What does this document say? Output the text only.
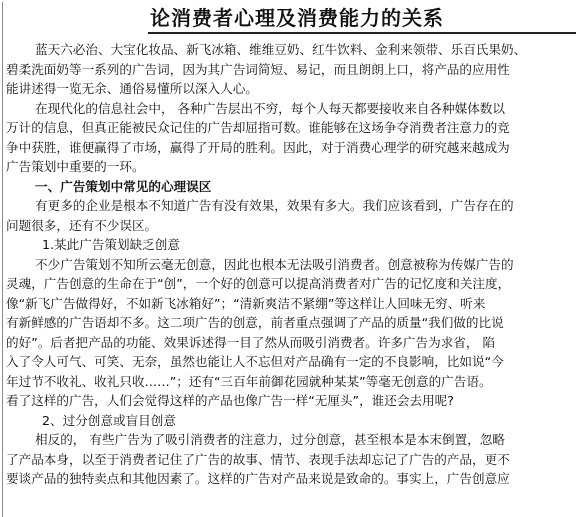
论消费者心理及消费能力的关系
蓝天六必治、大宝化妆品、新飞冰箱、维维豆奶、红牛饮料、金利来领带、乐百氏果奶、
碧柔洗面奶等一系列的广告词，因为其广告词简短、易记，而且朗朗上口，将产品的应用性
能讲述得一览无余、通俗易懂所以深入人心。
在现代化的信息社会中， 各种广告层出不穷，每个人每天都要接收来自各种媒体数以
万计的信息，但真正能被民众记住的广告却屈指可数。谁能够在这场争夺消费者注意力的竞
争中获胜，谁便赢得了市场，赢得了开局的胜利。因此，对于消费心理学的研究越来越成为
广告策划中重要的一环。
一、广告策划中常见的心理误区
有更多的企业是根本不知道广告有没有效果，效果有多大。我们应该看到，广告存在的
问题很多，还有不少误区。
1.某此广告策划缺乏创意
不少广告策划不知所云毫无创意，因此也根本无法吸引消费者。创意被称为传媒广告的
灵魂，广告创意的生命在于“创”，一个好的创意可以提高消费者对广告的记忆度和关注度，
像“新飞广告做得好，不如新飞冰箱好”；“清新爽洁不紧绷”等这样让人回味无穷、听来
有新鲜感的广告语却不多。这二项广告的创意，前者重点强调了产品的质量“我们做的比说
的好”。后者把产品的功能、效果诉述得一目了然从而吸引消费者。许多广告为求省， 陷
入了令人可气、可笑、无奈，虽然也能让人不忘但对产品确有一定的不良影响，比如说“今
年过节不收礼、收礼只收……”；还有“三百年前御花园就种某某”等毫无创意的广告语。
看了这样的广告，人们会觉得这样的产品也像广告一样“无厘头”，谁还会去用呢?
2、过分创意或盲目创意
相反的， 有些广告为了吸引消费者的注意力，过分创意，甚至根本是本末倒置，忽略
了产品本身，以至于消费者记住了广告的故事、情节、表现手法却忘记了广告的产品，更不
要谈产品的独特卖点和其他因素了。这样的广告对产品来说是致命的。事实上，广告创意应
